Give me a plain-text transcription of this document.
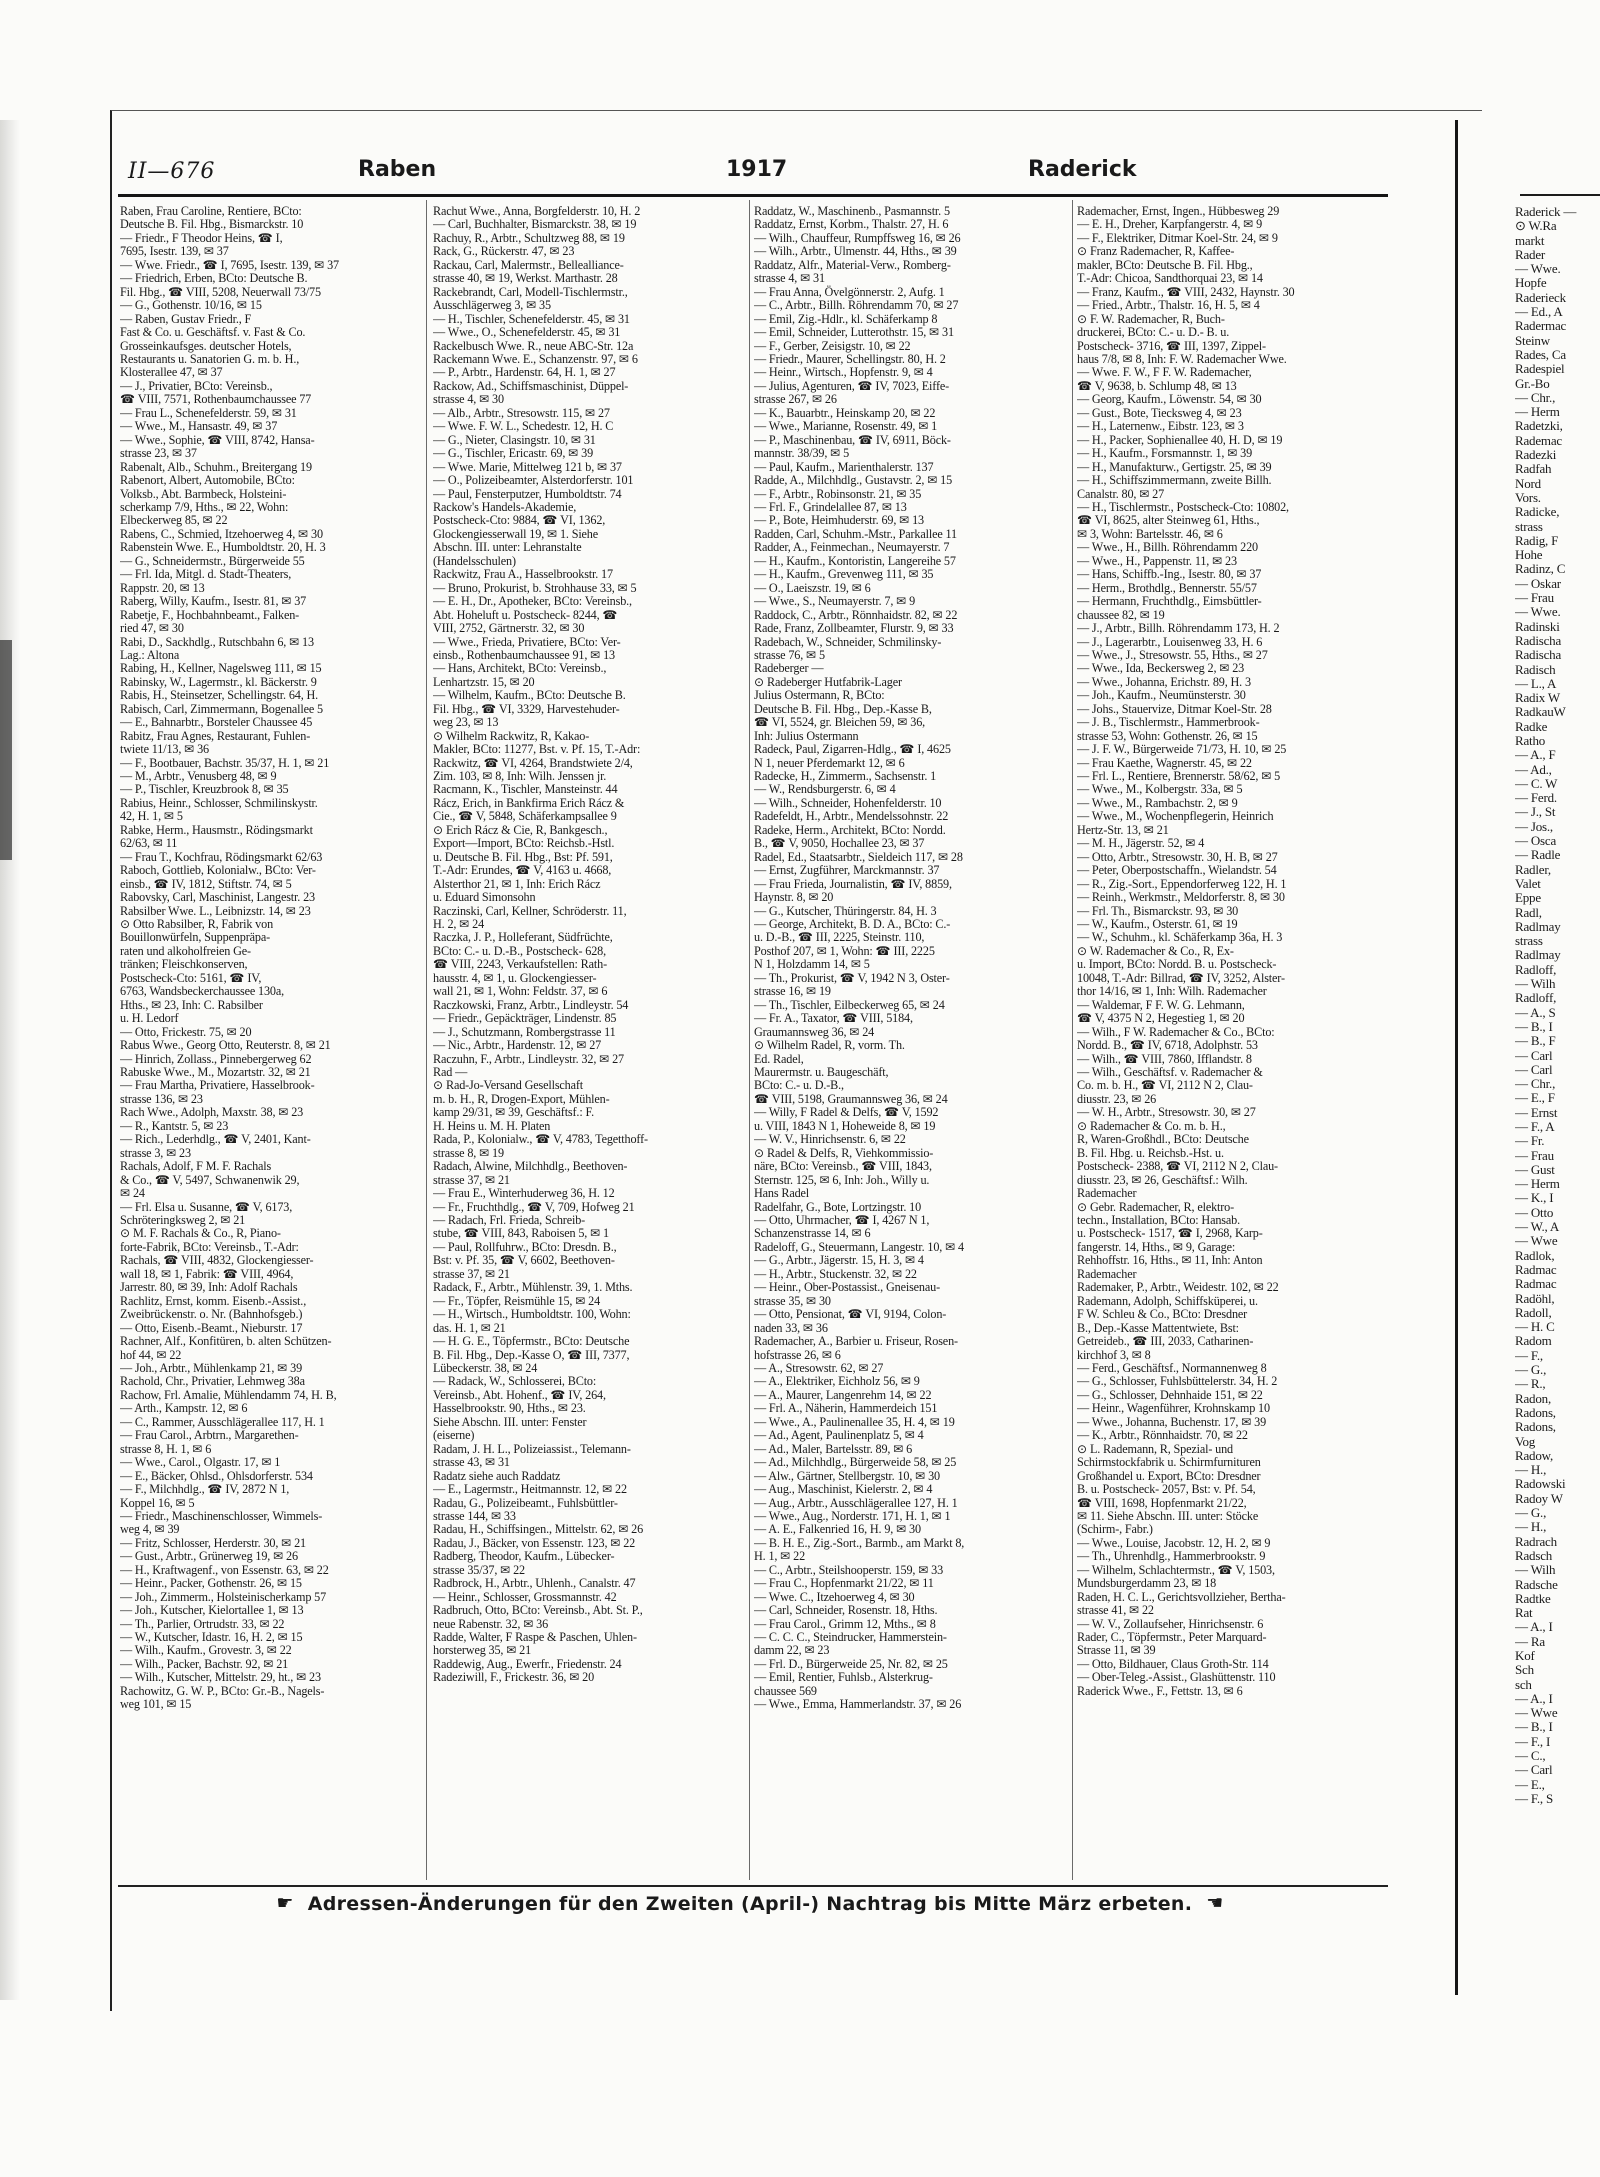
II—676	Raben	1917	Raderick
Raben, Frau Caroline, Rentiere, BCto:
Deutsche B. Fil. Hbg., Bismarckstr. 10
— Friedr., F Theodor Heins, ☎ I,
7695, Isestr. 139, ✉ 37
— Wwe. Friedr., ☎ I, 7695, Isestr. 139, ✉ 37
— Friedrich, Erben, BCto: Deutsche B.
Fil. Hbg., ☎ VIII, 5208, Neuerwall 73/75
— G., Gothenstr. 10/16, ✉ 15
— Raben, Gustav Friedr., F
Fast & Co. u. Geschäftsf. v. Fast & Co.
Grosseinkaufsges. deutscher Hotels,
Restaurants u. Sanatorien G. m. b. H.,
Klosterallee 47, ✉ 37
— J., Privatier, BCto: Vereinsb.,
☎ VIII, 7571, Rothenbaumchaussee 77
— Frau L., Schenefelderstr. 59, ✉ 31
— Wwe., M., Hansastr. 49, ✉ 37
— Wwe., Sophie, ☎ VIII, 8742, Hansa-
strasse 23, ✉ 37
Rabenalt, Alb., Schuhm., Breitergang 19
Rabenort, Albert, Automobile, BCto:
Volksb., Abt. Barmbeck, Holsteini-
scherkamp 7/9, Hths., ✉ 22, Wohn:
Elbeckerweg 85, ✉ 22
Rabens, C., Schmied, Itzehoerweg 4, ✉ 30
Rabenstein Wwe. E., Humboldtstr. 20, H. 3
— G., Schneidermstr., Bürgerweide 55
— Frl. Ida, Mitgl. d. Stadt-Theaters,
Rappstr. 20, ✉ 13
Raberg, Willy, Kaufm., Isestr. 81, ✉ 37
Rabetje, F., Hochbahnbeamt., Falken-
ried 47, ✉ 30
Rabi, D., Sackhdlg., Rutschbahn 6, ✉ 13
Lag.: Altona
Rabing, H., Kellner, Nagelsweg 111, ✉ 15
Rabinsky, W., Lagermstr., kl. Bäckerstr. 9
Rabis, H., Steinsetzer, Schellingstr. 64, H.
Rabisch, Carl, Zimmermann, Bogenallee 5
— E., Bahnarbtr., Borsteler Chaussee 45
Rabitz, Frau Agnes, Restaurant, Fuhlen-
twiete 11/13, ✉ 36
— F., Bootbauer, Bachstr. 35/37, H. 1, ✉ 21
— M., Arbtr., Venusberg 48, ✉ 9
— P., Tischler, Kreuzbrook 8, ✉ 35
Rabius, Heinr., Schlosser, Schmilinskystr.
42, H. 1, ✉ 5
Rabke, Herm., Hausmstr., Rödingsmarkt
62/63, ✉ 11
— Frau T., Kochfrau, Rödingsmarkt 62/63
Raboch, Gottlieb, Kolonialw., BCto: Ver-
einsb., ☎ IV, 1812, Stiftstr. 74, ✉ 5
Rabovsky, Carl, Maschinist, Langestr. 23
Rabsilber Wwe. L., Leibnizstr. 14, ✉ 23
⊙ Otto Rabsilber, R, Fabrik von
Bouillonwürfeln, Suppenpräpa-
raten und alkoholfreien Ge-
tränken; Fleischkonserven,
Postscheck-Cto: 5161, ☎ IV,
6763, Wandsbeckerchaussee 130a,
Hths., ✉ 23, Inh: C. Rabsilber
u. H. Ledorf
— Otto, Frickestr. 75, ✉ 20
Rabus Wwe., Georg Otto, Reuterstr. 8, ✉ 21
— Hinrich, Zollass., Pinnebergerweg 62
Rabuske Wwe., M., Mozartstr. 32, ✉ 21
— Frau Martha, Privatiere, Hasselbrook-
strasse 136, ✉ 23
Rach Wwe., Adolph, Maxstr. 38, ✉ 23
— R., Kantstr. 5, ✉ 23
— Rich., Lederhdlg., ☎ V, 2401, Kant-
strasse 3, ✉ 23
Rachals, Adolf, F M. F. Rachals
& Co., ☎ V, 5497, Schwanenwik 29,
✉ 24
— Frl. Elsa u. Susanne, ☎ V, 6173,
Schröteringksweg 2, ✉ 21
⊙ M. F. Rachals & Co., R, Piano-
forte-Fabrik, BCto: Vereinsb., T.-Adr:
Rachals, ☎ VIII, 4832, Glockengiesser-
wall 18, ✉ 1, Fabrik: ☎ VIII, 4964,
Jarrestr. 80, ✉ 39, Inh: Adolf Rachals
Rachlitz, Ernst, komm. Eisenb.-Assist.,
Zweibrückenstr. o. Nr. (Bahnhofsgeb.)
— Otto, Eisenb.-Beamt., Nieburstr. 17
Rachner, Alf., Konfitüren, b. alten Schützen-
hof 44, ✉ 22
— Joh., Arbtr., Mühlenkamp 21, ✉ 39
Rachold, Chr., Privatier, Lehmweg 38a
Rachow, Frl. Amalie, Mühlendamm 74, H. B,
— Arth., Kampstr. 12, ✉ 6
— C., Rammer, Ausschlägerallee 117, H. 1
— Frau Carol., Arbtrn., Margarethen-
strasse 8, H. 1, ✉ 6
— Wwe., Carol., Olgastr. 17, ✉ 1
— E., Bäcker, Ohlsd., Ohlsdorferstr. 534
— F., Milchhdlg., ☎ IV, 2872 N 1,
Koppel 16, ✉ 5
— Friedr., Maschinenschlosser, Wimmels-
weg 4, ✉ 39
— Fritz, Schlosser, Herderstr. 30, ✉ 21
— Gust., Arbtr., Grünerweg 19, ✉ 26
— H., Kraftwagenf., von Essenstr. 63, ✉ 22
— Heinr., Packer, Gothenstr. 26, ✉ 15
— Joh., Zimmerm., Holsteinischerkamp 57
— Joh., Kutscher, Kielortallee 1, ✉ 13
— Th., Parlier, Ortrudstr. 33, ✉ 22
— W., Kutscher, Idastr. 16, H. 2, ✉ 15
— Wilh., Kaufm., Grovestr. 3, ✉ 22
— Wilh., Packer, Bachstr. 92, ✉ 21
— Wilh., Kutscher, Mittelstr. 29, ht., ✉ 23
Rachowitz, G. W. P., BCto: Gr.-B., Nagels-
weg 101, ✉ 15
Rachut Wwe., Anna, Borgfelderstr. 10, H. 2
— Carl, Buchhalter, Bismarckstr. 38, ✉ 19
Rachuy, R., Arbtr., Schultzweg 88, ✉ 19
Rack, G., Rückerstr. 47, ✉ 23
Rackau, Carl, Malermstr., Bellealliance-
strasse 40, ✉ 19, Werkst. Marthastr. 28
Rackebrandt, Carl, Modell-Tischlermstr.,
Ausschlägerweg 3, ✉ 35
— H., Tischler, Schenefelderstr. 45, ✉ 31
— Wwe., O., Schenefelderstr. 45, ✉ 31
Rackelbusch Wwe. R., neue ABC-Str. 12a
Rackemann Wwe. E., Schanzenstr. 97, ✉ 6
— P., Arbtr., Hardenstr. 64, H. 1, ✉ 27
Rackow, Ad., Schiffsmaschinist, Düppel-
strasse 4, ✉ 30
— Alb., Arbtr., Stresowstr. 115, ✉ 27
— Wwe. F. W. L., Schedestr. 12, H. C
— G., Nieter, Clasingstr. 10, ✉ 31
— G., Tischler, Ericastr. 69, ✉ 39
— Wwe. Marie, Mittelweg 121 b, ✉ 37
— O., Polizeibeamter, Alsterdorferstr. 101
— Paul, Fensterputzer, Humboldtstr. 74
Rackow's Handels-Akademie,
Postscheck-Cto: 9884, ☎ VI, 1362,
Glockengiesserwall 19, ✉ 1. Siehe
Abschn. III. unter: Lehranstalte
(Handelsschulen)
Rackwitz, Frau A., Hasselbrookstr. 17
— Bruno, Prokurist, b. Strohhause 33, ✉ 5
— E. H., Dr., Apotheker, BCto: Vereinsb.,
Abt. Hoheluft u. Postscheck- 8244, ☎
VIII, 2752, Gärtnerstr. 32, ✉ 30
— Wwe., Frieda, Privatiere, BCto: Ver-
einsb., Rothenbaumchaussee 91, ✉ 13
— Hans, Architekt, BCto: Vereinsb.,
Lenhartzstr. 15, ✉ 20
— Wilhelm, Kaufm., BCto: Deutsche B.
Fil. Hbg., ☎ VI, 3329, Harvestehuder-
weg 23, ✉ 13
⊙ Wilhelm Rackwitz, R, Kakao-
Makler, BCto: 11277, Bst. v. Pf. 15, T.-Adr:
Rackwitz, ☎ VI, 4264, Brandstwiete 2/4,
Zim. 103, ✉ 8, Inh: Wilh. Jenssen jr.
Racmann, K., Tischler, Mansteinstr. 44
Rácz, Erich, in Bankfirma Erich Rácz &
Cie., ☎ V, 5848, Schäferkampsallee 9
⊙ Erich Rácz & Cie, R, Bankgesch.,
Export—Import, BCto: Reichsb.-Hstl.
u. Deutsche B. Fil. Hbg., Bst: Pf. 591,
T.-Adr: Erundes, ☎ V, 4163 u. 4668,
Alsterthor 21, ✉ 1, Inh: Erich Rácz
u. Eduard Simonsohn
Raczinski, Carl, Kellner, Schröderstr. 11,
H. 2, ✉ 24
Raczka, J. P., Holleferant, Südfrüchte,
BCto: C.- u. D.-B., Postscheck- 628,
☎ VIII, 2243, Verkaufstellen: Rath-
hausstr. 4, ✉ 1, u. Glockengiesser-
wall 21, ✉ 1, Wohn: Feldstr. 37, ✉ 6
Raczkowski, Franz, Arbtr., Lindleystr. 54
— Friedr., Gepäckträger, Lindenstr. 85
— J., Schutzmann, Rombergstrasse 11
— Nic., Arbtr., Hardenstr. 12, ✉ 27
Raczuhn, F., Arbtr., Lindleystr. 32, ✉ 27
Rad —
⊙ Rad-Jo-Versand Gesellschaft
m. b. H., R, Drogen-Export, Mühlen-
kamp 29/31, ✉ 39, Geschäftsf.: F.
H. Heins u. M. H. Platen
Rada, P., Kolonialw., ☎ V, 4783, Tegetthoff-
strasse 8, ✉ 19
Radach, Alwine, Milchhdlg., Beethoven-
strasse 37, ✉ 21
— Frau E., Winterhuderweg 36, H. 12
— Fr., Fruchthdlg., ☎ V, 709, Hofweg 21
— Radach, Frl. Frieda, Schreib-
stube, ☎ VIII, 843, Raboisen 5, ✉ 1
— Paul, Rollfuhrw., BCto: Dresdn. B.,
Bst: v. Pf. 35, ☎ V, 6602, Beethoven-
strasse 37, ✉ 21
Radack, F., Arbtr., Mühlenstr. 39, 1. Mths.
— Fr., Töpfer, Reismühle 15, ✉ 24
— H., Wirtsch., Humboldtstr. 100, Wohn:
das. H. 1, ✉ 21
— H. G. E., Töpfermstr., BCto: Deutsche
B. Fil. Hbg., Dep.-Kasse O, ☎ III, 7377,
Lübeckerstr. 38, ✉ 24
— Radack, W., Schlosserei, BCto:
Vereinsb., Abt. Hohenf., ☎ IV, 264,
Hasselbrookstr. 90, Hths., ✉ 23.
Siehe Abschn. III. unter: Fenster
(eiserne)
Radam, J. H. L., Polizeiassist., Telemann-
strasse 43, ✉ 31
Radatz siehe auch Raddatz
— E., Lagermstr., Heitmannstr. 12, ✉ 22
Radau, G., Polizeibeamt., Fuhlsbüttler-
strasse 144, ✉ 33
Radau, H., Schiffsingen., Mittelstr. 62, ✉ 26
Radau, J., Bäcker, von Essenstr. 123, ✉ 22
Radberg, Theodor, Kaufm., Lübecker-
strasse 35/37, ✉ 22
Radbrock, H., Arbtr., Uhlenh., Canalstr. 47
— Heinr., Schlosser, Grossmannstr. 42
Radbruch, Otto, BCto: Vereinsb., Abt. St. P.,
neue Rabenstr. 32, ✉ 36
Radde, Walter, F Raspe & Paschen, Uhlen-
horsterweg 35, ✉ 21
Raddewig, Aug., Ewerfr., Friedenstr. 24
Radeziwill, F., Frickestr. 36, ✉ 20
Raddatz, W., Maschinenb., Pasmannstr. 5
Raddatz, Ernst, Korbm., Thalstr. 27, H. 6
— Wilh., Chauffeur, Rumpffsweg 16, ✉ 26
— Wilh., Arbtr., Ulmenstr. 44, Hths., ✉ 39
Raddatz, Alfr., Material-Verw., Romberg-
strasse 4, ✉ 31
— Frau Anna, Övelgönnerstr. 2, Aufg. 1
— C., Arbtr., Billh. Röhrendamm 70, ✉ 27
— Emil, Zig.-Hdlr., kl. Schäferkamp 8
— Emil, Schneider, Lutterothstr. 15, ✉ 31
— F., Gerber, Zeisigstr. 10, ✉ 22
— Friedr., Maurer, Schellingstr. 80, H. 2
— Heinr., Wirtsch., Hopfenstr. 9, ✉ 4
— Julius, Agenturen, ☎ IV, 7023, Eiffe-
strasse 267, ✉ 26
— K., Bauarbtr., Heinskamp 20, ✉ 22
— Wwe., Marianne, Rosenstr. 49, ✉ 1
— P., Maschinenbau, ☎ IV, 6911, Böck-
mannstr. 38/39, ✉ 5
— Paul, Kaufm., Marienthalerstr. 137
Radde, A., Milchhdlg., Gustavstr. 2, ✉ 15
— F., Arbtr., Robinsonstr. 21, ✉ 35
— Frl. F., Grindelallee 87, ✉ 13
— P., Bote, Heimhuderstr. 69, ✉ 13
Radden, Carl, Schuhm.-Mstr., Parkallee 11
Radder, A., Feinmechan., Neumayerstr. 7
— H., Kaufm., Kontoristin, Langereihe 57
— H., Kaufm., Grevenweg 111, ✉ 35
— O., Laeiszstr. 19, ✉ 6
— Wwe., S., Neumayerstr. 7, ✉ 9
Raddock, C., Arbtr., Rönnhaidstr. 82, ✉ 22
Rade, Franz, Zollbeamter, Flurstr. 9, ✉ 33
Radebach, W., Schneider, Schmilinsky-
strasse 76, ✉ 5
Radeberger —
⊙ Radeberger Hutfabrik-Lager
Julius Ostermann, R, BCto:
Deutsche B. Fil. Hbg., Dep.-Kasse B,
☎ VI, 5524, gr. Bleichen 59, ✉ 36,
Inh: Julius Ostermann
Radeck, Paul, Zigarren-Hdlg., ☎ I, 4625
N 1, neuer Pferdemarkt 12, ✉ 6
Radecke, H., Zimmerm., Sachsenstr. 1
— W., Rendsburgerstr. 6, ✉ 4
— Wilh., Schneider, Hohenfelderstr. 10
Radefeldt, H., Arbtr., Mendelssohnstr. 22
Radeke, Herm., Architekt, BCto: Nordd.
B., ☎ V, 9050, Hochallee 23, ✉ 37
Radel, Ed., Staatsarbtr., Sieldeich 117, ✉ 28
— Ernst, Zugführer, Marckmannstr. 37
— Frau Frieda, Journalistin, ☎ IV, 8859,
Haynstr. 8, ✉ 20
— G., Kutscher, Thüringerstr. 84, H. 3
— George, Architekt, B. D. A., BCto: C.-
u. D.-B., ☎ III, 2225, Steinstr. 110,
Posthof 207, ✉ 1, Wohn: ☎ III, 2225
N 1, Holzdamm 14, ✉ 5
— Th., Prokurist, ☎ V, 1942 N 3, Oster-
strasse 16, ✉ 19
— Th., Tischler, Eilbeckerweg 65, ✉ 24
— Fr. A., Taxator, ☎ VIII, 5184,
Graumannsweg 36, ✉ 24
⊙ Wilhelm Radel, R, vorm. Th.
Ed. Radel,
Maurermstr. u. Baugeschäft,
BCto: C.- u. D.-B.,
☎ VIII, 5198, Graumannsweg 36, ✉ 24
— Willy, F Radel & Delfs, ☎ V, 1592
u. VIII, 1843 N 1, Hoheweide 8, ✉ 19
— W. V., Hinrichsenstr. 6, ✉ 22
⊙ Radel & Delfs, R, Viehkommissio-
näre, BCto: Vereinsb., ☎ VIII, 1843,
Sternstr. 125, ✉ 6, Inh: Joh., Willy u.
Hans Radel
Radelfahr, G., Bote, Lortzingstr. 10
— Otto, Uhrmacher, ☎ I, 4267 N 1,
Schanzenstrasse 14, ✉ 6
Radeloff, G., Steuermann, Langestr. 10, ✉ 4
— G., Arbtr., Jägerstr. 15, H. 3, ✉ 4
— H., Arbtr., Stuckenstr. 32, ✉ 22
— Heinr., Ober-Postassist., Gneisenau-
strasse 35, ✉ 30
— Otto, Pensionat, ☎ VI, 9194, Colon-
naden 33, ✉ 36
Rademacher, A., Barbier u. Friseur, Rosen-
hofstrasse 26, ✉ 6
— A., Stresowstr. 62, ✉ 27
— A., Elektriker, Eichholz 56, ✉ 9
— A., Maurer, Langenrehm 14, ✉ 22
— Frl. A., Näherin, Hammerdeich 151
— Wwe., A., Paulinenallee 35, H. 4, ✉ 19
— Ad., Agent, Paulinenplatz 5, ✉ 4
— Ad., Maler, Bartelsstr. 89, ✉ 6
— Ad., Milchhdlg., Bürgerweide 58, ✉ 25
— Alw., Gärtner, Stellbergstr. 10, ✉ 30
— Aug., Maschinist, Kielerstr. 2, ✉ 4
— Aug., Arbtr., Ausschlägerallee 127, H. 1
— Wwe., Aug., Norderstr. 171, H. 1, ✉ 1
— A. E., Falkenried 16, H. 9, ✉ 30
— B. H. E., Zig.-Sort., Barmb., am Markt 8,
H. 1, ✉ 22
— C., Arbtr., Steilshooperstr. 159, ✉ 33
— Frau C., Hopfenmarkt 21/22, ✉ 11
— Wwe. C., Itzehoerweg 4, ✉ 30
— Carl, Schneider, Rosenstr. 18, Hths.
— Frau Carol., Grimm 12, Mths., ✉ 8
— C. C. C., Steindrucker, Hammerstein-
damm 22, ✉ 23
— Frl. D., Bürgerweide 25, Nr. 82, ✉ 25
— Emil, Rentier, Fuhlsb., Alsterkrug-
chaussee 569
— Wwe., Emma, Hammerlandstr. 37, ✉ 26
Rademacher, Ernst, Ingen., Hübbesweg 29
— E. H., Dreher, Karpfangerstr. 4, ✉ 9
— F., Elektriker, Ditmar Koel-Str. 24, ✉ 9
⊙ Franz Rademacher, R, Kaffee-
makler, BCto: Deutsche B. Fil. Hbg.,
T.-Adr: Chicoa, Sandthorquai 23, ✉ 14
— Franz, Kaufm., ☎ VIII, 2432, Haynstr. 30
— Fried., Arbtr., Thalstr. 16, H. 5, ✉ 4
⊙ F. W. Rademacher, R, Buch-
druckerei, BCto: C.- u. D.- B. u.
Postscheck- 3716, ☎ III, 1397, Zippel-
haus 7/8, ✉ 8, Inh: F. W. Rademacher Wwe.
— Wwe. F. W., F F. W. Rademacher,
☎ V, 9638, b. Schlump 48, ✉ 13
— Georg, Kaufm., Löwenstr. 54, ✉ 30
— Gust., Bote, Tiecksweg 4, ✉ 23
— H., Laternenw., Eibstr. 123, ✉ 3
— H., Packer, Sophienallee 40, H. D, ✉ 19
— H., Kaufm., Forsmannstr. 1, ✉ 39
— H., Manufakturw., Gertigstr. 25, ✉ 39
— H., Schiffszimmermann, zweite Billh.
Canalstr. 80, ✉ 27
— H., Tischlermstr., Postscheck-Cto: 10802,
☎ VI, 8625, alter Steinweg 61, Hths.,
✉ 3, Wohn: Bartelsstr. 46, ✉ 6
— Wwe., H., Billh. Röhrendamm 220
— Wwe., H., Pappenstr. 11, ✉ 23
— Hans, Schiffb.-Ing., Isestr. 80, ✉ 37
— Herm., Brothdlg., Bennerstr. 55/57
— Hermann, Fruchthdlg., Eimsbüttler-
chaussee 82, ✉ 19
— J., Arbtr., Billh. Röhrendamm 173, H. 2
— J., Lagerarbtr., Louisenweg 33, H. 6
— Wwe., J., Stresowstr. 55, Hths., ✉ 27
— Wwe., Ida, Beckersweg 2, ✉ 23
— Wwe., Johanna, Erichstr. 89, H. 3
— Joh., Kaufm., Neumünsterstr. 30
— Johs., Stauervize, Ditmar Koel-Str. 28
— J. B., Tischlermstr., Hammerbrook-
strasse 53, Wohn: Gothenstr. 26, ✉ 15
— J. F. W., Bürgerweide 71/73, H. 10, ✉ 25
— Frau Kaethe, Wagnerstr. 45, ✉ 22
— Frl. L., Rentiere, Brennerstr. 58/62, ✉ 5
— Wwe., M., Kolbergstr. 33a, ✉ 5
— Wwe., M., Rambachstr. 2, ✉ 9
— Wwe., M., Wochenpflegerin, Heinrich
Hertz-Str. 13, ✉ 21
— M. H., Jägerstr. 52, ✉ 4
— Otto, Arbtr., Stresowstr. 30, H. B, ✉ 27
— Peter, Oberpostschaffn., Wielandstr. 54
— R., Zig.-Sort., Eppendorferweg 122, H. 1
— Reinh., Werkmstr., Meldorferstr. 8, ✉ 30
— Frl. Th., Bismarckstr. 93, ✉ 30
— W., Kaufm., Osterstr. 61, ✉ 19
— W., Schuhm., kl. Schäferkamp 36a, H. 3
⊙ W. Rademacher & Co., R, Ex-
u. Import, BCto: Nordd. B. u. Postscheck-
10048, T.-Adr: Billrad, ☎ IV, 3252, Alster-
thor 14/16, ✉ 1, Inh: Wilh. Rademacher
— Waldemar, F F. W. G. Lehmann,
☎ V, 4375 N 2, Hegestieg 1, ✉ 20
— Wilh., F W. Rademacher & Co., BCto:
Nordd. B., ☎ IV, 6718, Adolphstr. 53
— Wilh., ☎ VIII, 7860, Ifflandstr. 8
— Wilh., Geschäftsf. v. Rademacher &
Co. m. b. H., ☎ VI, 2112 N 2, Clau-
diusstr. 23, ✉ 26
— W. H., Arbtr., Stresowstr. 30, ✉ 27
⊙ Rademacher & Co. m. b. H.,
R, Waren-Großhdl., BCto: Deutsche
B. Fil. Hbg. u. Reichsb.-Hst. u.
Postscheck- 2388, ☎ VI, 2112 N 2, Clau-
diusstr. 23, ✉ 26, Geschäftsf.: Wilh.
Rademacher
⊙ Gebr. Rademacher, R, elektro-
techn., Installation, BCto: Hansab.
u. Postscheck- 1517, ☎ I, 2968, Karp-
fangerstr. 14, Hths., ✉ 9, Garage:
Rehhoffstr. 16, Hths., ✉ 11, Inh: Anton
Rademacher
Rademaker, P., Arbtr., Weidestr. 102, ✉ 22
Rademann, Adolph, Schiffsküperei, u.
F W. Schleu & Co., BCto: Dresdner
B., Dep.-Kasse Mattentwiete, Bst:
Getreideb., ☎ III, 2033, Catharinen-
kirchhof 3, ✉ 8
— Ferd., Geschäftsf., Normannenweg 8
— G., Schlosser, Fuhlsbüttelerstr. 34, H. 2
— G., Schlosser, Dehnhaide 151, ✉ 22
— Heinr., Wagenführer, Krohnskamp 10
— Wwe., Johanna, Buchenstr. 17, ✉ 39
— K., Arbtr., Rönnhaidstr. 70, ✉ 22
⊙ L. Rademann, R, Spezial- und
Schirmstockfabrik u. Schirmfurnituren
Großhandel u. Export, BCto: Dresdner
B. u. Postscheck- 2057, Bst: v. Pf. 54,
☎ VIII, 1698, Hopfenmarkt 21/22,
✉ 11. Siehe Abschn. III. unter: Stöcke
(Schirm-, Fabr.)
— Wwe., Louise, Jacobstr. 12, H. 2, ✉ 9
— Th., Uhrenhdlg., Hammerbrookstr. 9
— Wilhelm, Schlachtermstr., ☎ V, 1503,
Mundsburgerdamm 23, ✉ 18
Raden, H. C. L., Gerichtsvollzieher, Bertha-
strasse 41, ✉ 22
— W. V., Zollaufseher, Hinrichsenstr. 6
Rader, C., Töpfermstr., Peter Marquard-
Strasse 11, ✉ 39
— Otto, Bildhauer, Claus Groth-Str. 114
— Ober-Teleg.-Assist., Glashüttenstr. 110
Raderick Wwe., F., Fettstr. 13, ✉ 6
Raderick —
⊙ W.Ra
markt
Rader
— Wwe.
Hopfe
Raderieck
— Ed., A
Radermac
Steinw
Rades, Ca
Radespiel
Gr.-Bo
— Chr.,
— Herm
Radetzki,
Rademac
Radezki
Radfah
Nord
Vors.
Radicke,
strass
Radig, F
Hohe
Radinz, C
— Oskar
— Frau
— Wwe.
Radinski
Radischa
Radischa
Radisch
— L., A
Radix W
RadkauW
Radke
Ratho
— A., F
— Ad.,
— C. W
— Ferd.
— J., St
— Jos.,
— Osca
— Radle
Radler,
Valet
Eppe
Radl,
Radlmay
strass
Radlmay
Radloff,
— Wilh
Radloff,
— A., S
— B., I
— B., F
— Carl
— Carl
— Chr.,
— E., F
— Ernst
— F., A
— Fr.
— Frau
— Gust
— Herm
— K., I
— Otto
— W., A
— Wwe
Radlok,
Radmac
Radmac
Radöhl,
Radoll,
— H. C
Radom
— F.,
— G.,
— R.,
Radon,
Radons,
Radons,
Vog
Radow,
— H.,
Radowski
Radoy W
— G.,
— H.,
Radrach
Radsch
— Wilh
Radsche
Radtke
Rat
— A., I
— Ra
Kof
Sch
sch
— A., I
— Wwe
— B., I
— F., I
— C.,
— Carl
— E.,
— F., S
☛ Adressen-Änderungen für den Zweiten (April-) Nachtrag bis Mitte März erbeten. ☚
